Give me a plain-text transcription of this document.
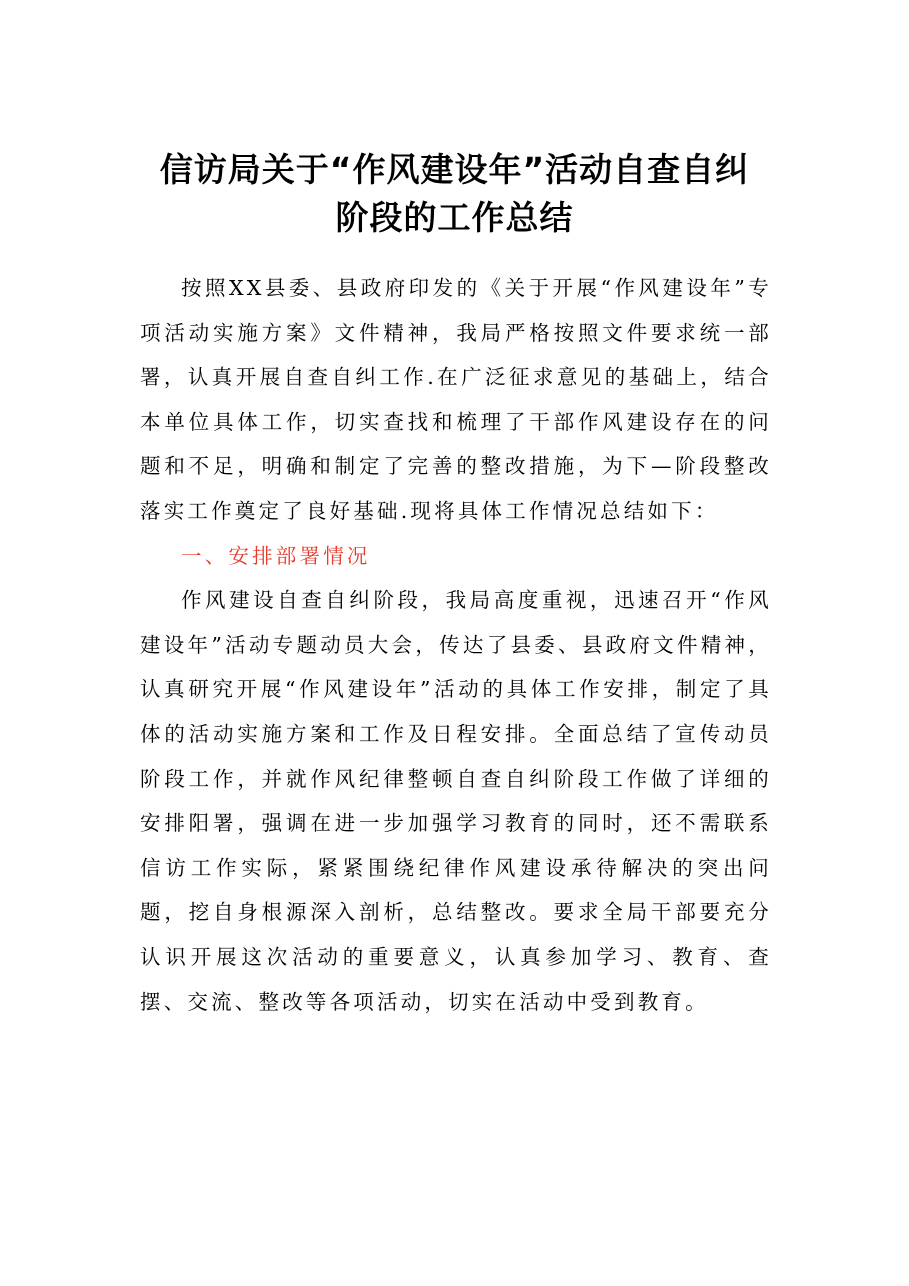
信访局关于“作风建设年”活动自查自纠
阶段的工作总结

按照XX县委、县政府印发的《关于开展“作风建设年”专项活动实施方案》文件精神，我局严格按照文件要求统一部署，认真开展自查自纠工作.在广泛征求意见的基础上，结合本单位具体工作，切实查找和梳理了干部作风建设存在的问题和不足，明确和制定了完善的整改措施，为下—阶段整改落实工作奠定了良好基础.现将具体工作情况总结如下：

一、安排部署情况

作风建设自查自纠阶段，我局高度重视，迅速召开“作风建设年”活动专题动员大会，传达了县委、县政府文件精神，认真研究开展“作风建设年”活动的具体工作安排，制定了具体的活动实施方案和工作及日程安排。全面总结了宣传动员阶段工作，并就作风纪律整顿自查自纠阶段工作做了详细的安排阳署，强调在进一步加强学习教育的同时，还不需联系信访工作实际，紧紧围绕纪律作风建设承待解决的突出问题，挖自身根源深入剖析，总结整改。要求全局干部要充分认识开展这次活动的重要意义，认真参加学习、教育、查摆、交流、整改等各项活动，切实在活动中受到教育。
